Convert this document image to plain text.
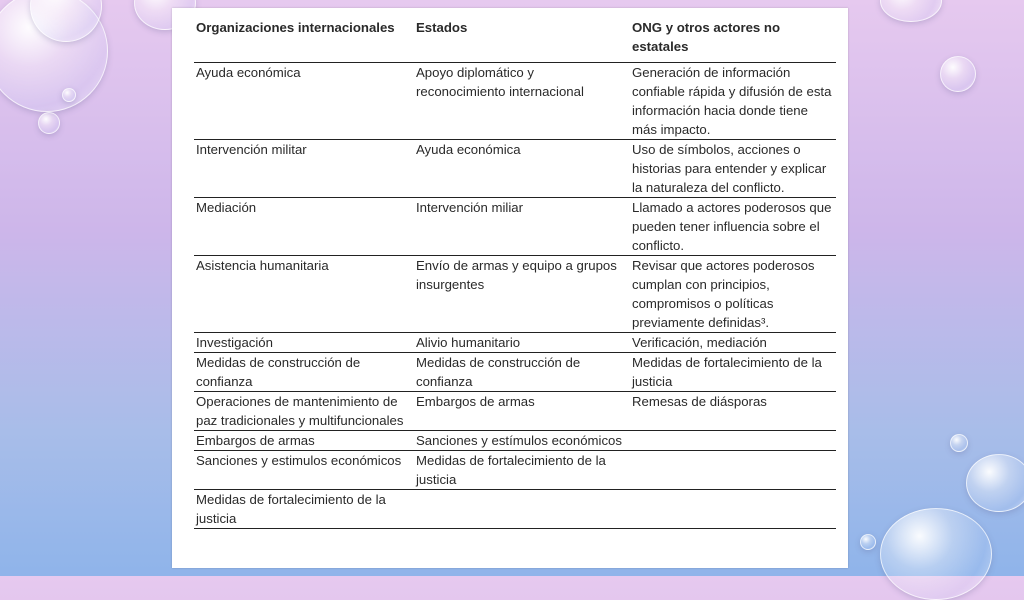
Organizaciones internacionales	Estados	ONG y otros actores no estatales
Ayuda económica	Apoyo diplomático y reconocimiento internacional	Generación de información confiable rápida y difusión de esta información hacia donde tiene más impacto.
Intervención militar	Ayuda económica	Uso de símbolos, acciones o historias para entender y explicar la naturaleza del conflicto.
Mediación	Intervención miliar	Llamado a actores poderosos que pueden tener influencia sobre el conflicto.
Asistencia humanitaria	Envío de armas y equipo a grupos insurgentes	Revisar que actores poderosos cumplan con principios, compromisos o políticas previamente definidas³.
Investigación	Alivio humanitario	Verificación, mediación
Medidas de construcción de confianza	Medidas de construcción de confianza	Medidas de fortalecimiento de la justicia
Operaciones de mantenimiento de paz tradicionales y multifuncionales	Embargos de armas	Remesas de diásporas
Embargos de armas	Sanciones y estímulos económicos	
Sanciones y estimulos económicos	Medidas de fortalecimiento de la justicia	
Medidas de fortalecimiento de la justicia		
